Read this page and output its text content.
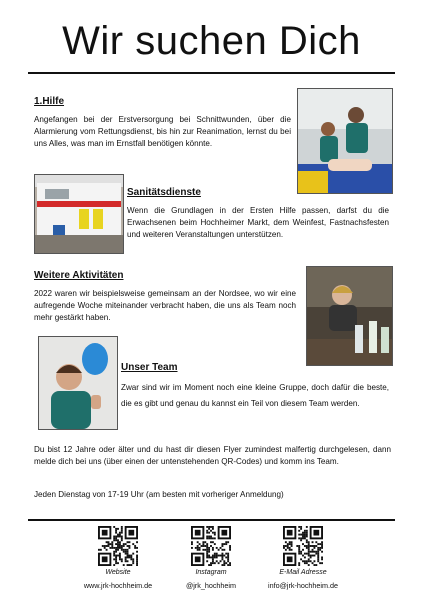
Wir suchen Dich
1.Hilfe
Angefangen bei der Erstversorgung bei Schnittwunden, über die Alarmierung vom Rettungsdienst, bis hin zur Reanimation, lernst du bei uns Alles, was man im Ernstfall benötigen könnte.
Sanitätsdienste
Wenn die Grundlagen in der Ersten Hilfe passen, darfst du die Erwachsenen beim Hochheimer Markt, dem Weinfest, Fastnachsfesten und weiteren Veranstaltungen unterstützen.
Weitere Aktivitäten
2022 waren wir beispielsweise gemeinsam an der Nordsee, wo wir eine aufregende Woche miteinander verbracht haben, die uns als Team noch mehr gestärkt haben.
Unser Team
Zwar sind wir im Moment noch eine kleine Gruppe, doch dafür die beste, die es gibt und genau du kannst ein Teil von diesem Team werden.
Du bist 12 Jahre oder älter und du hast dir diesen Flyer zumindest malfertig durchgelesen, dann melde dich bei uns (über einen der untenstehenden QR-Codes) und komm ins Team.
Jeden Dienstag von 17-19 Uhr (am besten mit vorheriger Anmeldung)
Website	Instagram	E-Mail Adresse
www.jrk-hochheim.de	@jrk_hochheim	info@jrk-hochheim.de
